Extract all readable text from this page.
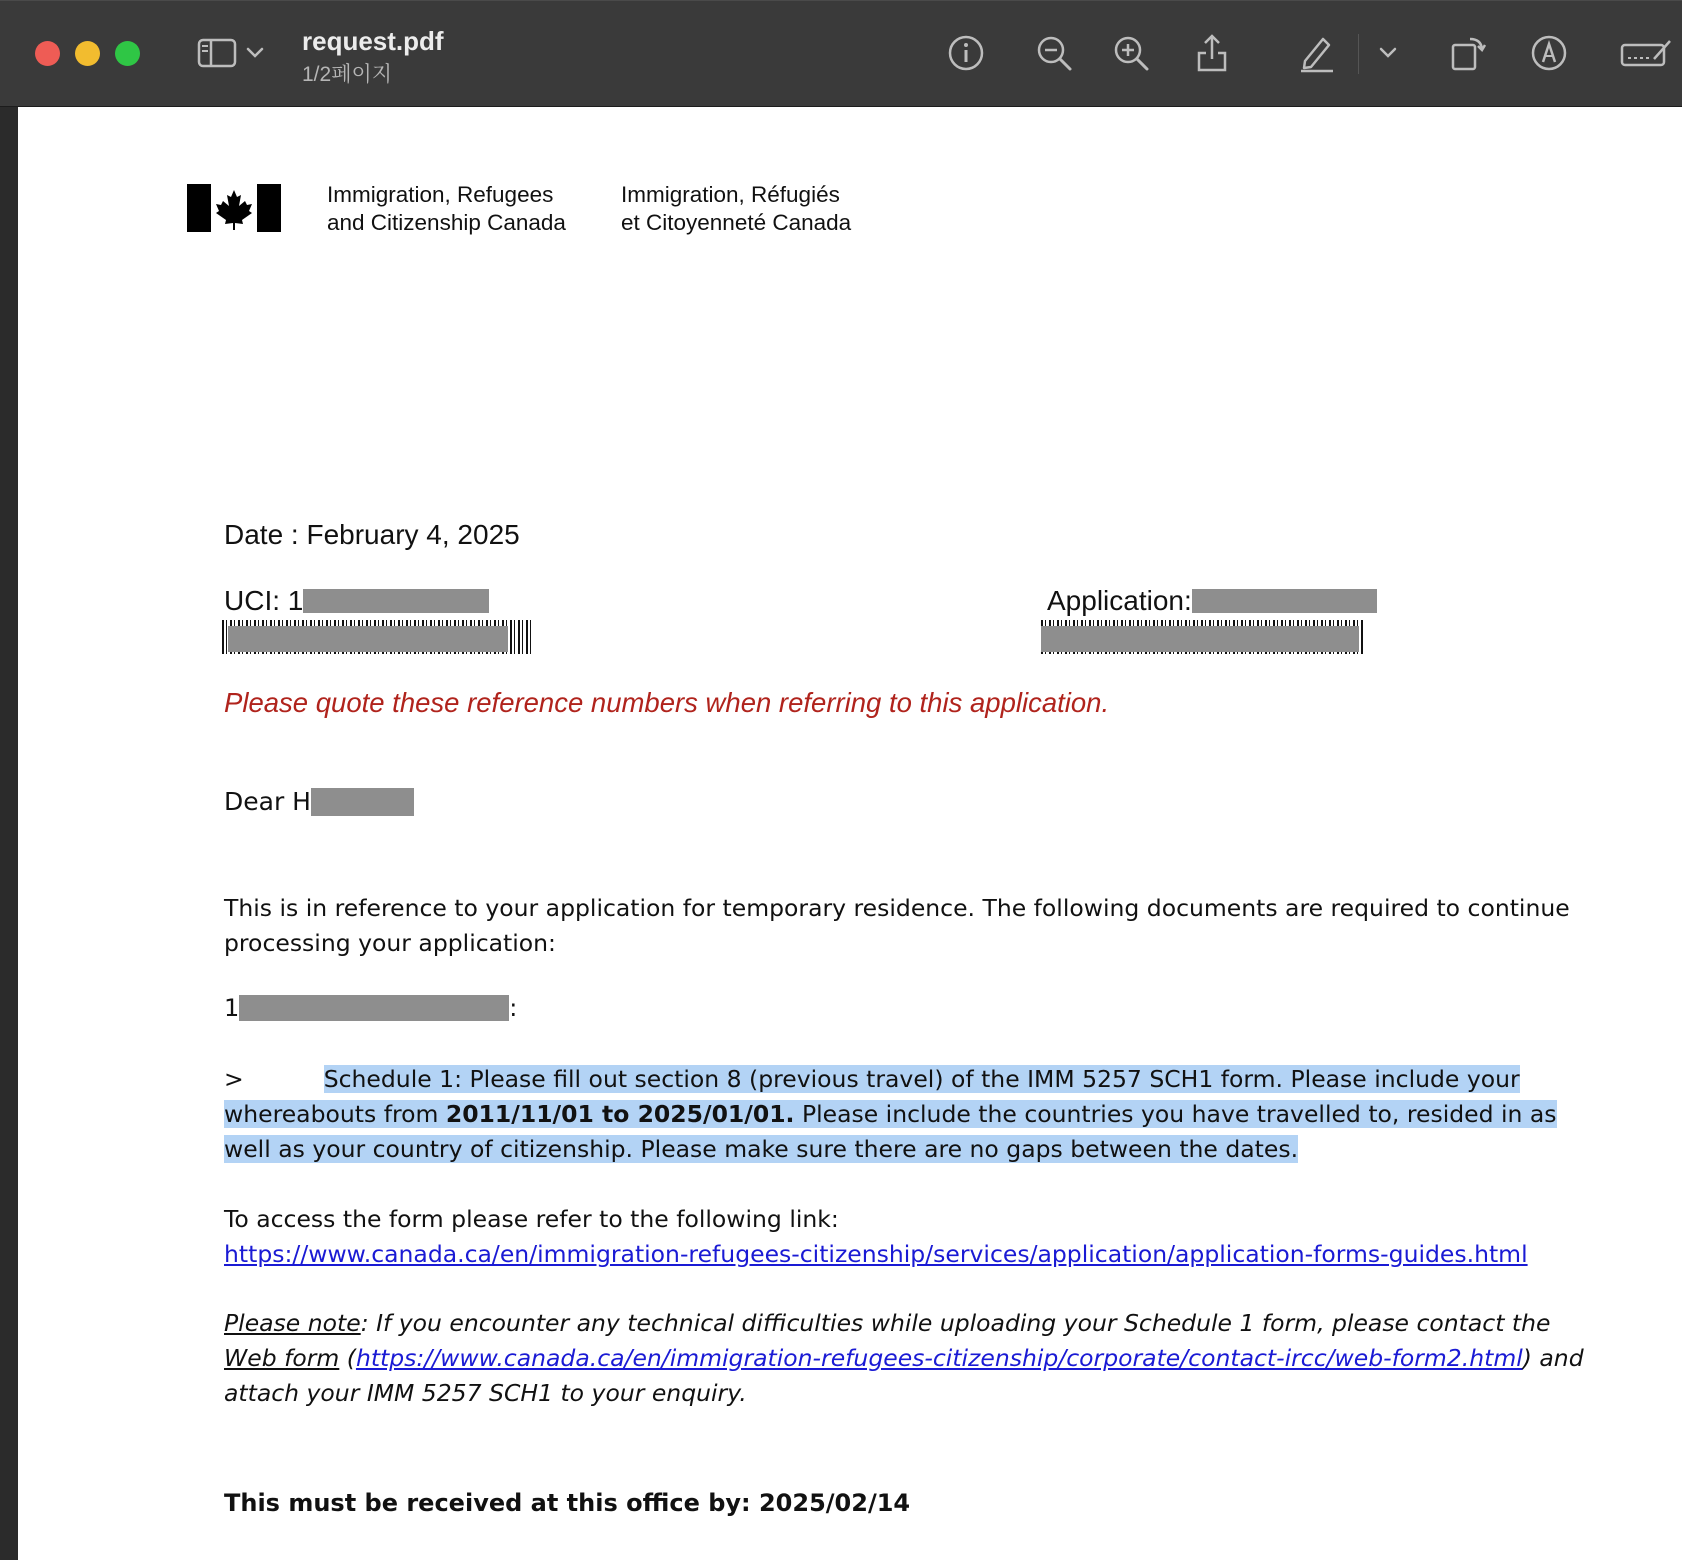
request.pdf
1/2페이지
Immigration, Refugees
and Citizenship Canada
Immigration, Réfugiés
et Citoyenneté Canada
Date : February 4, 2025
UCI: 1	Application:
Please quote these reference numbers when referring to this application.
Dear H
This is in reference to your application for temporary residence. The following documents are required to continue processing your application:
1	:
>	Schedule 1: Please fill out section 8 (previous travel) of the IMM 5257 SCH1 form. Please include your whereabouts from 2011/11/01 to 2025/01/01. Please include the countries you have travelled to, resided in as well as your country of citizenship. Please make sure there are no gaps between the dates.
To access the form please refer to the following link:
https://www.canada.ca/en/immigration-refugees-citizenship/services/application/application-forms-guides.html
Please note: If you encounter any technical difficulties while uploading your Schedule 1 form, please contact the Web form (https://www.canada.ca/en/immigration-refugees-citizenship/corporate/contact-ircc/web-form2.html) and attach your IMM 5257 SCH1 to your enquiry.
This must be received at this office by: 2025/02/14
